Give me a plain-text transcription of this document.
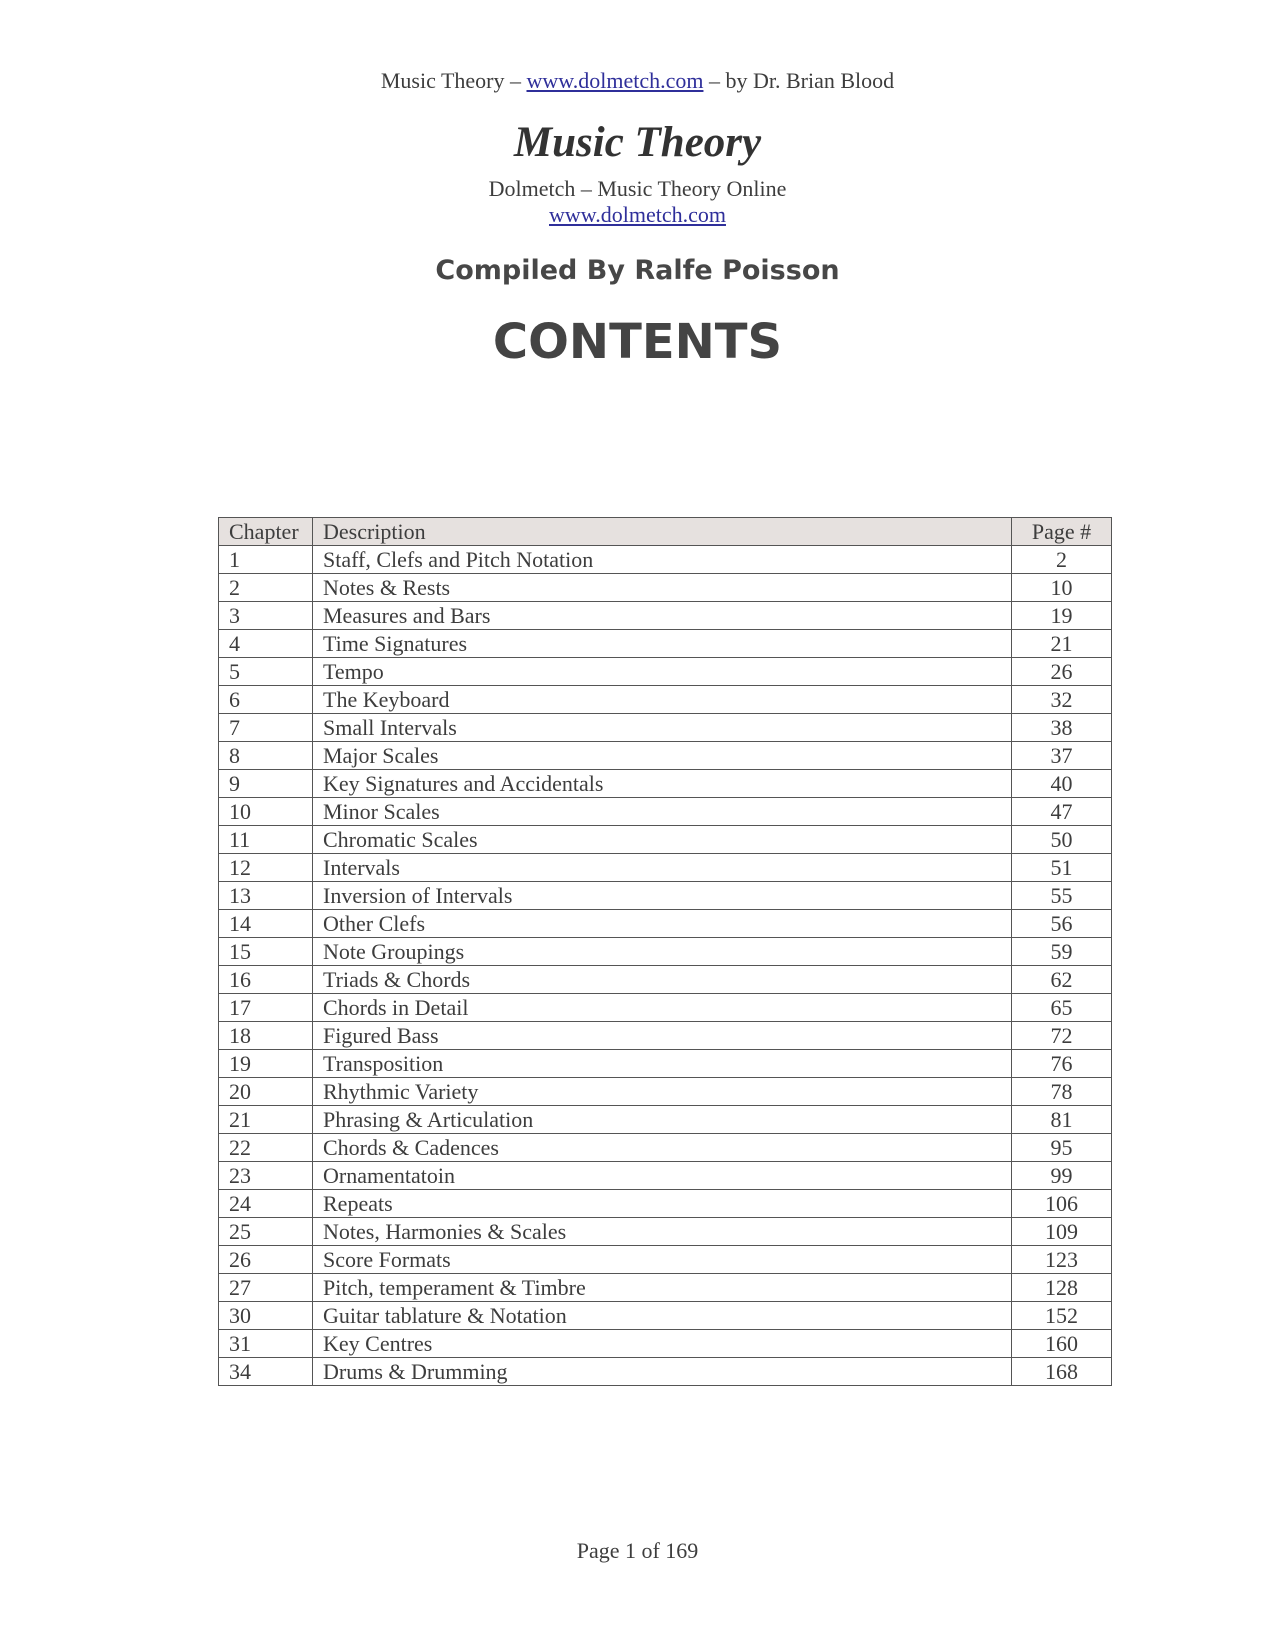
Music Theory – www.dolmetch.com – by Dr. Brian Blood
Music Theory
Dolmetch – Music Theory Online
www.dolmetch.com
Compiled By Ralfe Poisson
CONTENTS
Chapter	Description	Page #
1	Staff, Clefs and Pitch Notation	2
2	Notes & Rests	10
3	Measures and Bars	19
4	Time Signatures	21
5	Tempo	26
6	The Keyboard	32
7	Small Intervals	38
8	Major Scales	37
9	Key Signatures and Accidentals	40
10	Minor Scales	47
11	Chromatic Scales	50
12	Intervals	51
13	Inversion of Intervals	55
14	Other Clefs	56
15	Note Groupings	59
16	Triads & Chords	62
17	Chords in Detail	65
18	Figured Bass	72
19	Transposition	76
20	Rhythmic Variety	78
21	Phrasing & Articulation	81
22	Chords & Cadences	95
23	Ornamentatoin	99
24	Repeats	106
25	Notes, Harmonies & Scales	109
26	Score Formats	123
27	Pitch, temperament & Timbre	128
30	Guitar tablature & Notation	152
31	Key Centres	160
34	Drums & Drumming	168
Page 1 of 169
